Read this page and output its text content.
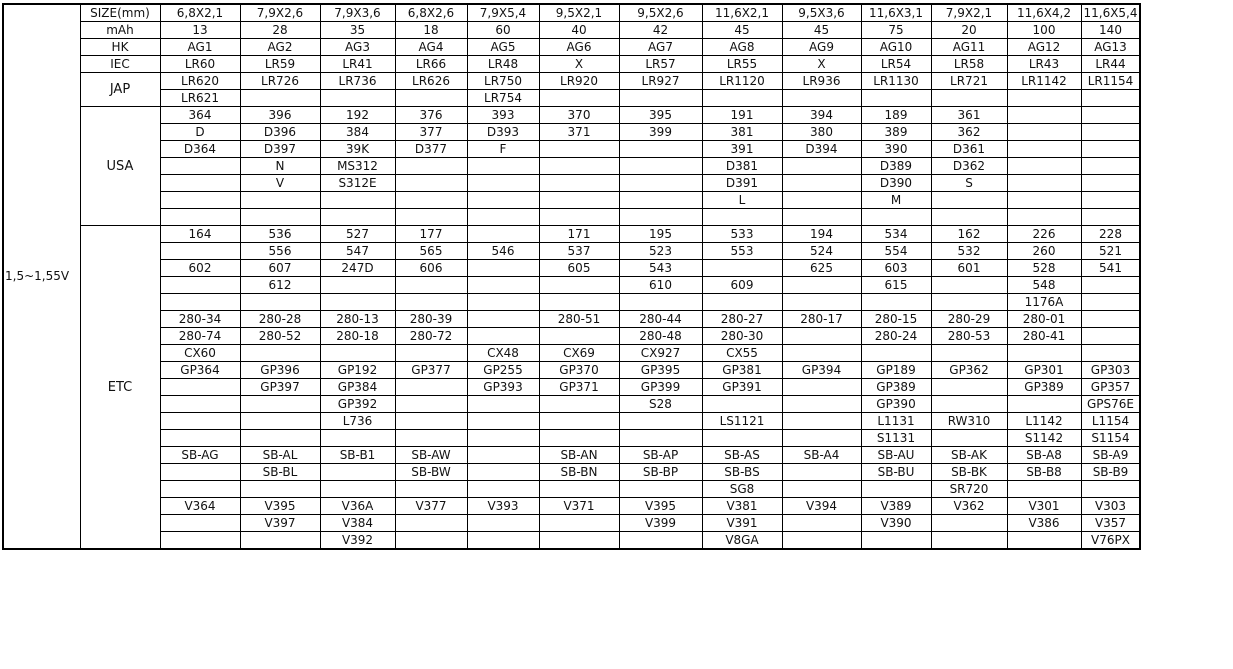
1,5~1,55V	SIZE(mm)	6,8X2,1	7,9X2,6	7,9X3,6	6,8X2,6	7,9X5,4	9,5X2,1	9,5X2,6	11,6X2,1	9,5X3,6	11,6X3,1	7,9X2,1	11,6X4,2	11,6X5,4	
	mAh	13	28	35	18	60	40	42	45	45	75	20	100	140	
	HK	AG1	AG2	AG3	AG4	AG5	AG6	AG7	AG8	AG9	AG10	AG11	AG12	AG13	
	IEC	LR60	LR59	LR41	LR66	LR48	X	LR57	LR55	X	LR54	LR58	LR43	LR44	
	JAP	LR620	LR726	LR736	LR626	LR750	LR920	LR927	LR1120	LR936	LR1130	LR721	LR1142	LR1154	
		LR621				LR754									
	USA	364	396	192	376	393	370	395	191	394	189	361			
		D	D396	384	377	D393	371	399	381	380	389	362			
		D364	D397	39K	D377	F			391	D394	390	D361			
			N	MS312					D381		D389	D362			
			V	S312E					D391		D390	S			
									L		M				

	ETC	164	536	527	177		171	195	533	194	534	162	226	228	
			556	547	565	546	537	523	553	524	554	532	260	521	
		602	607	247D	606		605	543		625	603	601	528	541	
			612					610	609		615		548		
													1176A		
		280-34	280-28	280-13	280-39		280-51	280-44	280-27	280-17	280-15	280-29	280-01		
		280-74	280-52	280-18	280-72			280-48	280-30		280-24	280-53	280-41		
		CX60				CX48	CX69	CX927	CX55						
		GP364	GP396	GP192	GP377	GP255	GP370	GP395	GP381	GP394	GP189	GP362	GP301	GP303	
			GP397	GP384		GP393	GP371	GP399	GP391		GP389		GP389	GP357	
				GP392				S28			GP390			GPS76E	
				L736					LS1121		L1131	RW310	L1142	L1154	
											S1131		S1142	S1154	
		SB-AG	SB-AL	SB-B1	SB-AW		SB-AN	SB-AP	SB-AS	SB-A4	SB-AU	SB-AK	SB-A8	SB-A9	
			SB-BL		SB-BW		SB-BN	SB-BP	SB-BS		SB-BU	SB-BK	SB-B8	SB-B9	
									SG8			SR720			
		V364	V395	V36A	V377	V393	V371	V395	V381	V394	V389	V362	V301	V303	
			V397	V384				V399	V391		V390		V386	V357	
				V392					V8GA					V76PX	
